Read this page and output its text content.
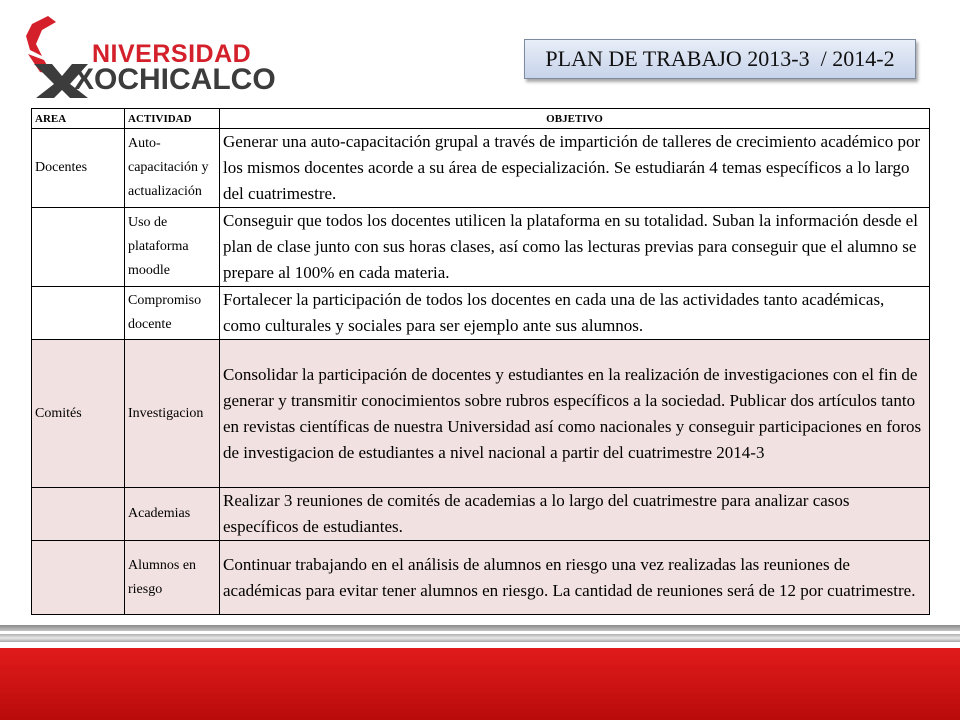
NIVERSIDAD
XOCHICALCO
PLAN DE TRABAJO 2013-3  / 2014-2
AREA	ACTIVIDAD	OBJETIVO
Docentes	Auto-capacitación y actualización	Generar una auto-capacitación grupal a través de impartición de talleres de crecimiento académico por los mismos docentes acorde a su área de especialización. Se estudiarán 4 temas específicos a lo largo del cuatrimestre.
	Uso de plataforma moodle	Conseguir que todos los docentes utilicen la plataforma en su totalidad. Suban la información desde el plan de clase junto con sus horas clases, así como las lecturas previas para conseguir que el alumno se prepare al 100% en cada materia.
	Compromiso docente	Fortalecer la participación de todos los docentes en cada una de las actividades tanto académicas, como culturales y sociales para ser ejemplo ante sus alumnos.
Comités	Investigacion	Consolidar la participación de docentes y estudiantes en la realización de investigaciones con el fin de generar y transmitir conocimientos sobre rubros específicos a la sociedad. Publicar dos artículos tanto en revistas científicas de nuestra Universidad así como nacionales y conseguir participaciones en foros de investigacion de estudiantes a nivel nacional a partir del cuatrimestre 2014-3
	Academias	Realizar 3 reuniones de comités de academias a lo largo del cuatrimestre para analizar casos específicos de estudiantes.
	Alumnos en riesgo	Continuar trabajando en el análisis de alumnos en riesgo una vez realizadas las reuniones de académicas para evitar tener alumnos en riesgo. La cantidad de reuniones será de 12 por cuatrimestre.
